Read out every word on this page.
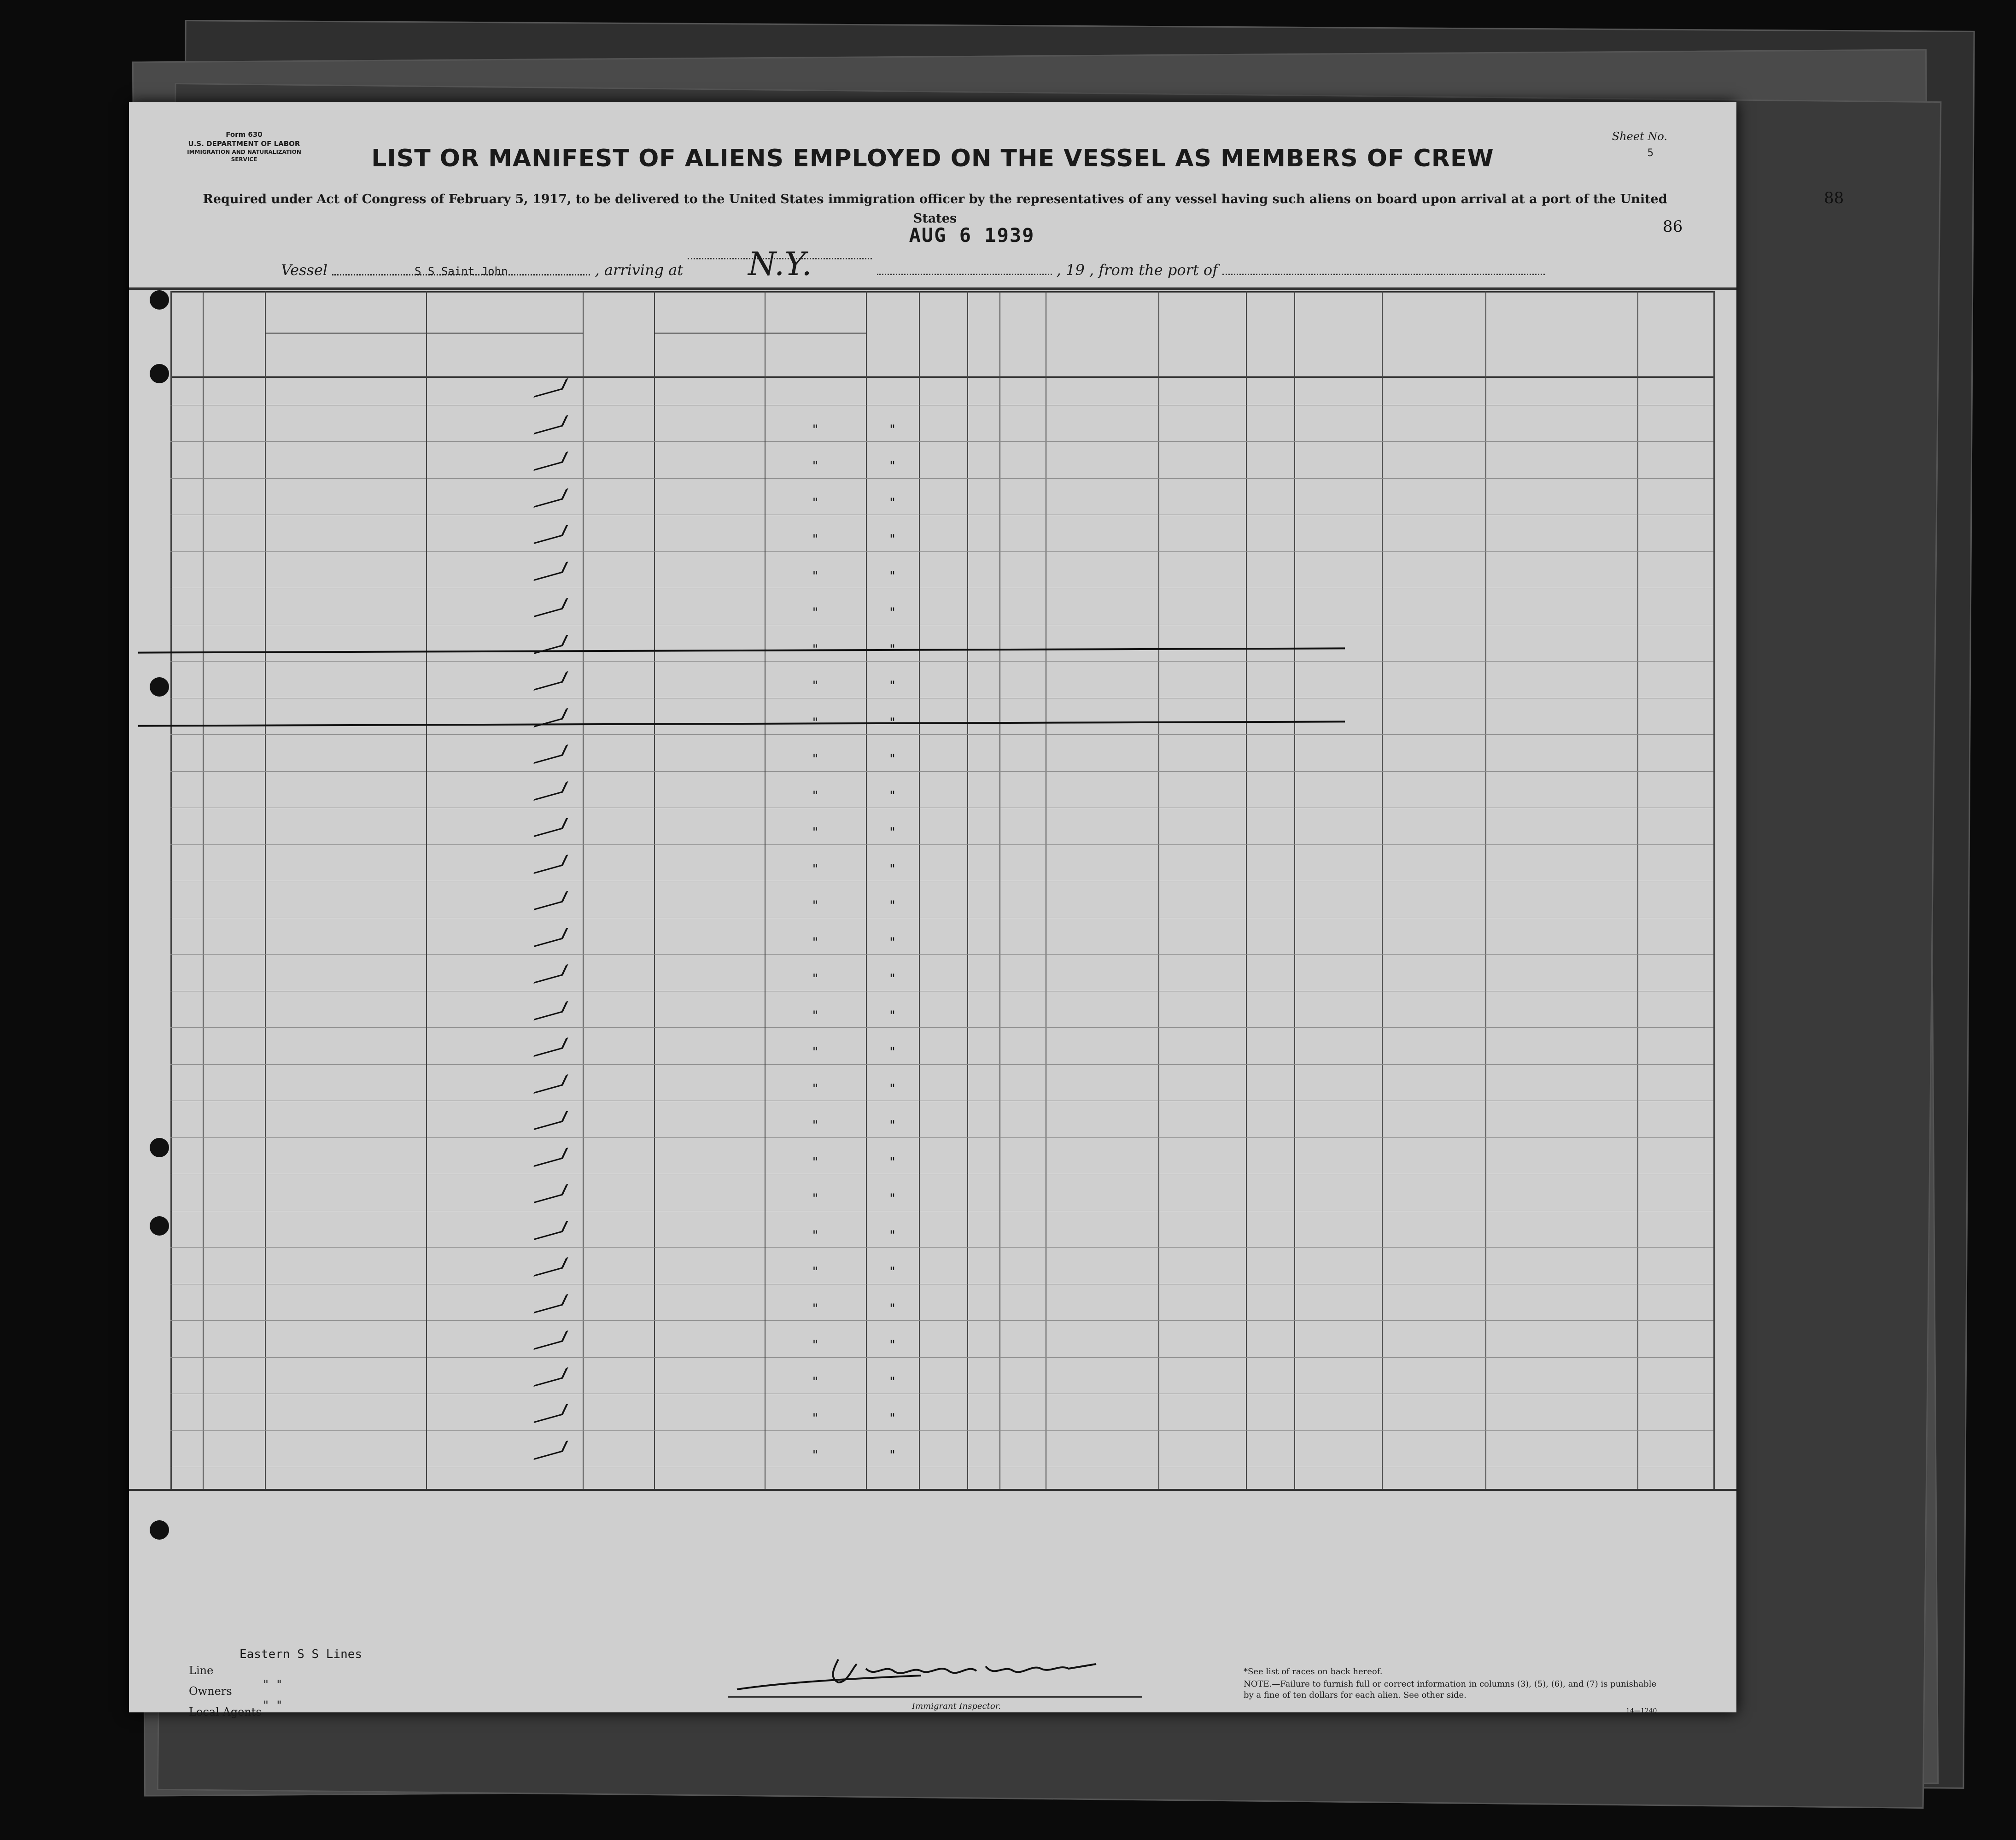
88
Form 630
U.S. DEPARTMENT OF LABOR
IMMIGRATION AND NATURALIZATION SERVICE
Sheet No.
5
LIST OR MANIFEST OF ALIENS EMPLOYED ON THE VESSEL AS MEMBERS OF CREW
Required under Act of Congress of February 5, 1917, to be delivered to the United States immigration officer by the representatives of any vessel having such aliens on board upon arrival at a port of the United States	86
Vessel	S S Saint John	, arriving at N.Y.
AUG 6 1939
, 19 , from the port of
Line
Eastern S S Lines
Owners
" "
Local Agents
" "	Immigrant Inspector.
*See list of races on back hereof.
NOTE.—Failure to furnish full or correct information in columns (3), (5), (6), and (7) is punishable by a fine of ten dollars for each alien. See other side.
14—1240
"	"
"	"
"	"
"	"
"	"
"	"
"	"
"	"
"	"
"	"
"	"
"	"
"	"
"	"
"	"
"	"
"	"
"	"
"	"
"	"
"	"
"	"
"	"
"	"
"	"
"	"
"	"
